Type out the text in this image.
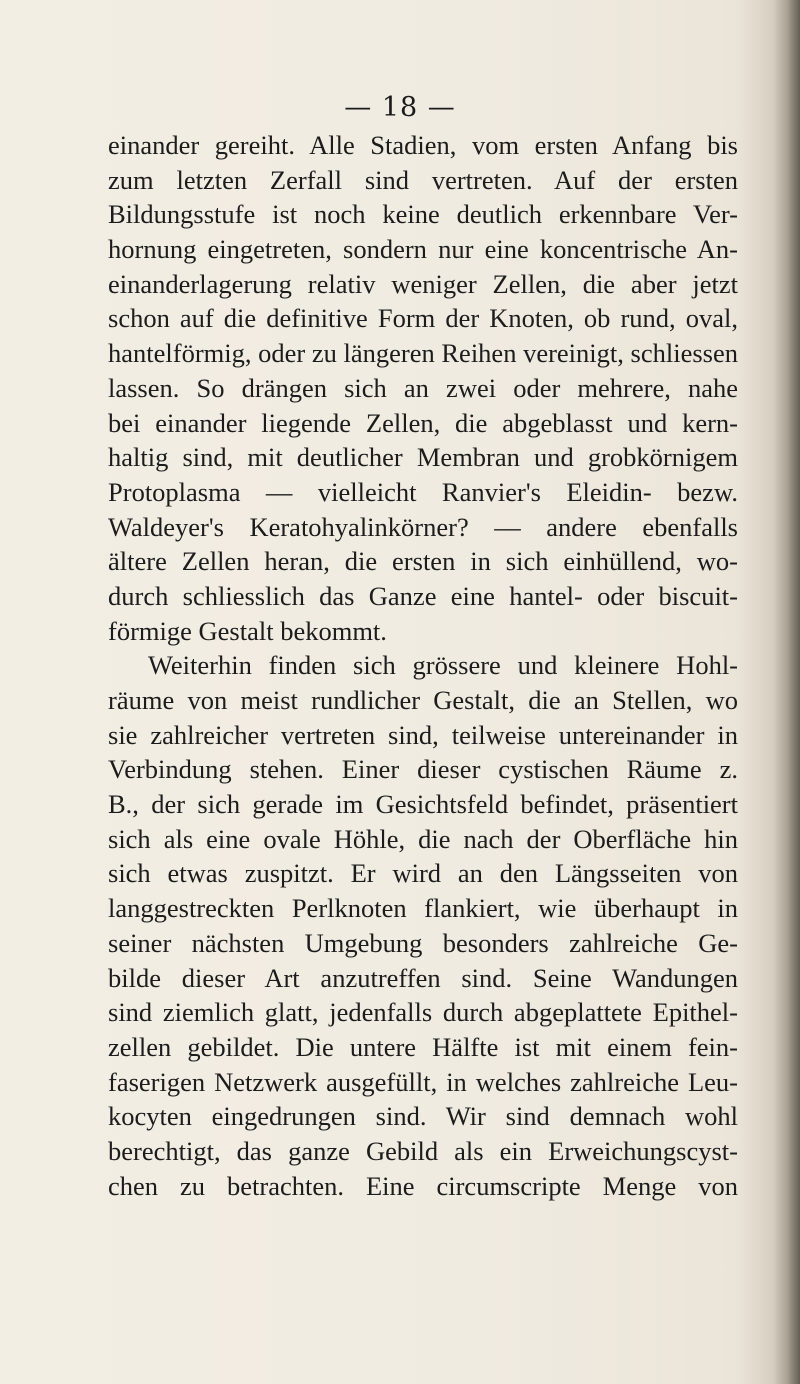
— 18 —
einander gereiht. Alle Stadien, vom ersten Anfang bis
zum letzten Zerfall sind vertreten. Auf der ersten
Bildungsstufe ist noch keine deutlich erkennbare Ver-
hornung eingetreten, sondern nur eine koncentrische An-
einanderlagerung relativ weniger Zellen, die aber jetzt
schon auf die definitive Form der Knoten, ob rund, oval,
hantelförmig, oder zu längeren Reihen vereinigt, schliessen
lassen. So drängen sich an zwei oder mehrere, nahe
bei einander liegende Zellen, die abgeblasst und kern-
haltig sind, mit deutlicher Membran und grobkörnigem
Protoplasma — vielleicht Ranvier's Eleidin- bezw.
Waldeyer's Keratohyalinkörner? — andere ebenfalls
ältere Zellen heran, die ersten in sich einhüllend, wo-
durch schliesslich das Ganze eine hantel- oder biscuit-
förmige Gestalt bekommt.
Weiterhin finden sich grössere und kleinere Hohl-
räume von meist rundlicher Gestalt, die an Stellen, wo
sie zahlreicher vertreten sind, teilweise untereinander in
Verbindung stehen. Einer dieser cystischen Räume z.
B., der sich gerade im Gesichtsfeld befindet, präsentiert
sich als eine ovale Höhle, die nach der Oberfläche hin
sich etwas zuspitzt. Er wird an den Längsseiten von
langgestreckten Perlknoten flankiert, wie überhaupt in
seiner nächsten Umgebung besonders zahlreiche Ge-
bilde dieser Art anzutreffen sind. Seine Wandungen
sind ziemlich glatt, jedenfalls durch abgeplattete Epithel-
zellen gebildet. Die untere Hälfte ist mit einem fein-
faserigen Netzwerk ausgefüllt, in welches zahlreiche Leu-
kocyten eingedrungen sind. Wir sind demnach wohl
berechtigt, das ganze Gebild als ein Erweichungscyst-
chen zu betrachten. Eine circumscripte Menge von
